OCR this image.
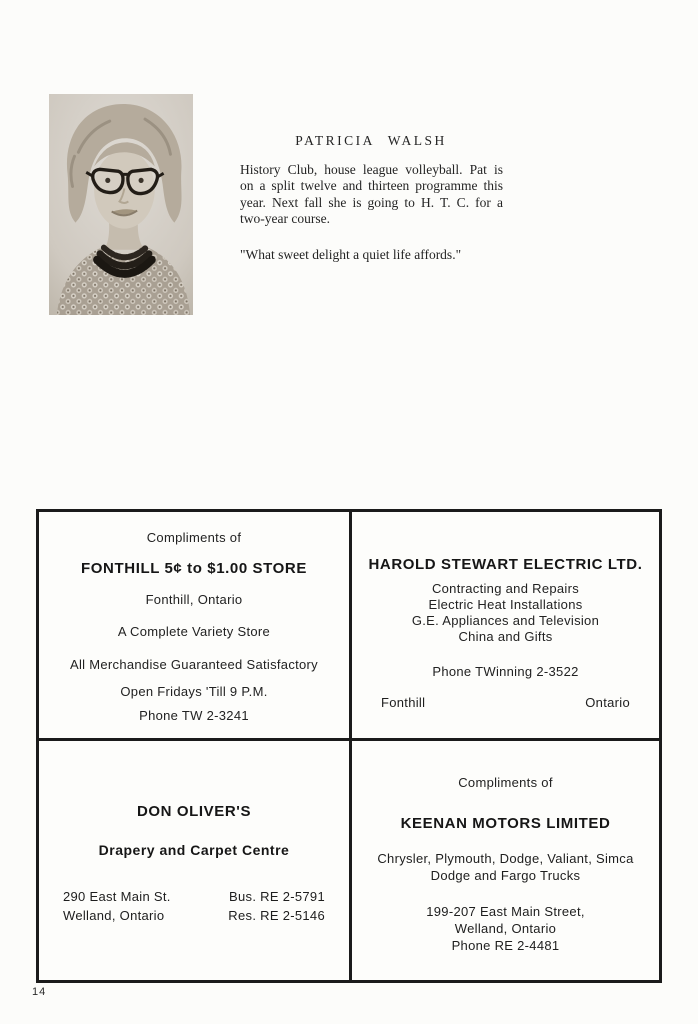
PATRICIA WALSH
History Club, house league volleyball. Pat is
on a split twelve and thirteen programme this
year. Next fall she is going to H. T. C. for a
two-year course.
"What sweet delight a quiet life affords."
Compliments of
FONTHILL 5¢ to $1.00 STORE
Fonthill, Ontario
A Complete Variety Store
All Merchandise Guaranteed Satisfactory
Open Fridays 'Till 9 P.M.
Phone TW 2-3241
HAROLD STEWART ELECTRIC LTD.
Contracting and Repairs
Electric Heat Installations
G.E. Appliances and Television
China and Gifts
Phone TWinning 2-3522
Fonthill	Ontario
DON OLIVER'S
Drapery and Carpet Centre
290 East Main St.	Bus. RE 2-5791
Welland, Ontario	Res. RE 2-5146
Compliments of
KEENAN MOTORS LIMITED
Chrysler, Plymouth, Dodge, Valiant, Simca
Dodge and Fargo Trucks
199-207 East Main Street,
Welland, Ontario
Phone RE 2-4481
14
